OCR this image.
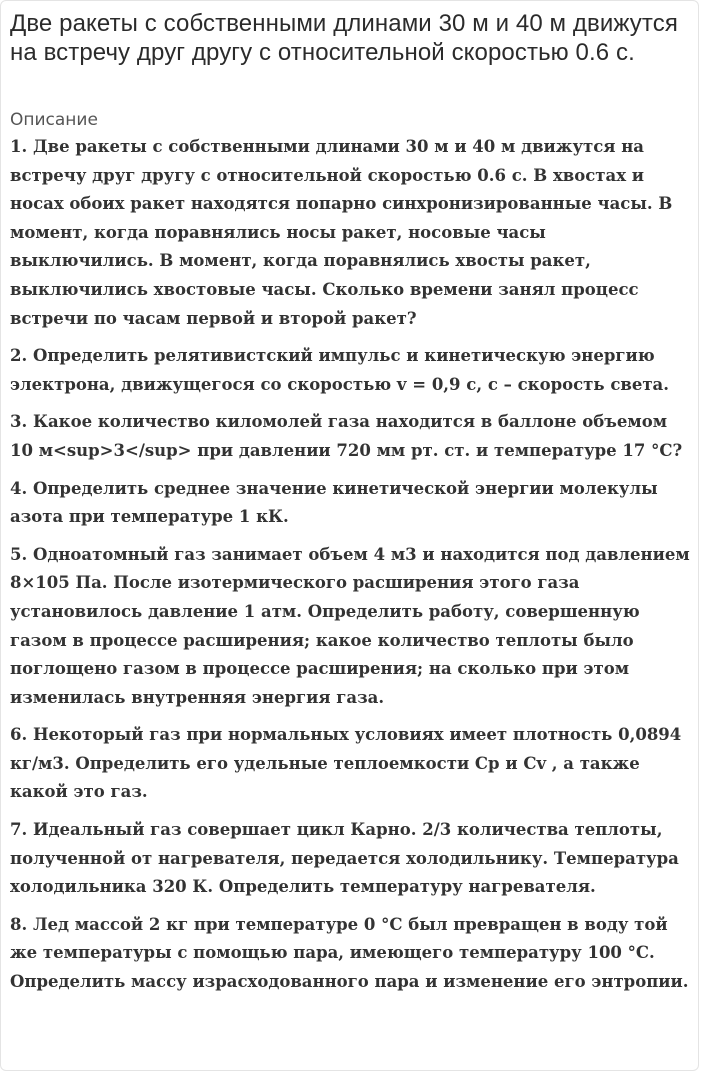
Две ракеты с собственными длинами 30 м и 40 м движутся на встречу друг другу с относительной скоростью 0.6 с.
Описание
1. Две ракеты с собственными длинами 30 м и 40 м движутся на встречу друг другу с относительной скоростью 0.6 с. В хвостах и носах обоих ракет находятся попарно синхронизированные часы. В момент, когда поравнялись носы ракет, носовые часы выключились. В момент, когда поравнялись хвосты ракет, выключились хвостовые часы. Сколько времени занял процесс встречи по часам первой и второй ракет?
2. Определить релятивистский импульс и кинетическую энергию электрона, движущегося со скоростью v = 0,9 c, c – скорость света.
3. Какое количество киломолей газа находится в баллоне объемом 10 м<sup>3</sup> при давлении 720 мм рт. ст. и температуре 17 °С?
4. Определить среднее значение кинетической энергии молекулы азота при температуре 1 кК.
5. Одноатомный газ занимает объем 4 м3 и находится под давлением 8×105 Па. После изотермического расширения этого газа установилось давление 1 атм. Определить работу, совершенную газом в процессе расширения; какое количество теплоты было поглощено газом в процессе расширения; на сколько при этом изменилась внутренняя энергия газа.
6. Некоторый газ при нормальных условиях имеет плотность 0,0894 кг/м3. Определить его удельные теплоемкости Cp и Cv , а также какой это газ.
7. Идеальный газ совершает цикл Карно. 2/3 количества теплоты, полученной от нагревателя, передается холодильнику. Температура холодильника 320 К. Определить температуру нагревателя.
8. Лед массой 2 кг при температуре 0 °С был превращен в воду той же температуры с помощью пара, имеющего температуру 100 °С. Определить массу израсходованного пара и изменение его энтропии.
